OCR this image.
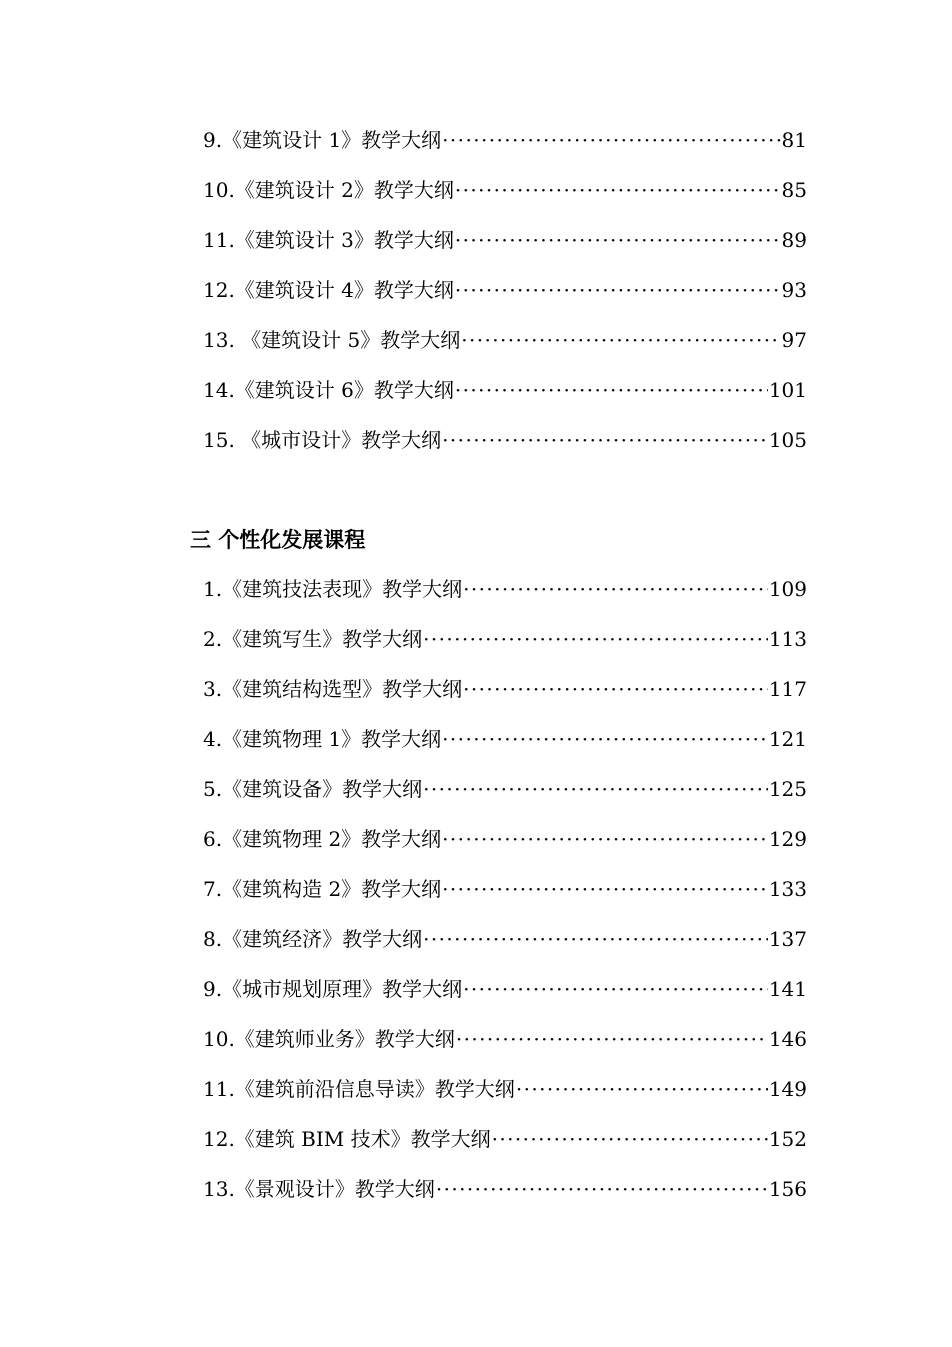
9.《建筑设计 1》教学大纲 ·····	81
10.《建筑设计 2》教学大纲 ·····	85
11.《建筑设计 3》教学大纲 ·····	89
12.《建筑设计 4》教学大纲 ·····	93
13. 《建筑设计 5》教学大纲 ·····	97
14.《建筑设计 6》教学大纲 ·····	101
15. 《城市设计》教学大纲 ·····	105
三 个性化发展课程
1.《建筑技法表现》教学大纲 ·····	109
2.《建筑写生》教学大纲 ·····	113
3.《建筑结构选型》教学大纲 ·····	117
4.《建筑物理 1》教学大纲 ·····	121
5.《建筑设备》教学大纲 ·····	125
6.《建筑物理 2》教学大纲 ·····	129
7.《建筑构造 2》教学大纲 ·····	133
8.《建筑经济》教学大纲 ·····	137
9.《城市规划原理》教学大纲 ·····	141
10.《建筑师业务》教学大纲 ·····	146
11.《建筑前沿信息导读》教学大纲 ·····	149
12.《建筑 BIM 技术》教学大纲 ·····	152
13.《景观设计》教学大纲 ·····	156
